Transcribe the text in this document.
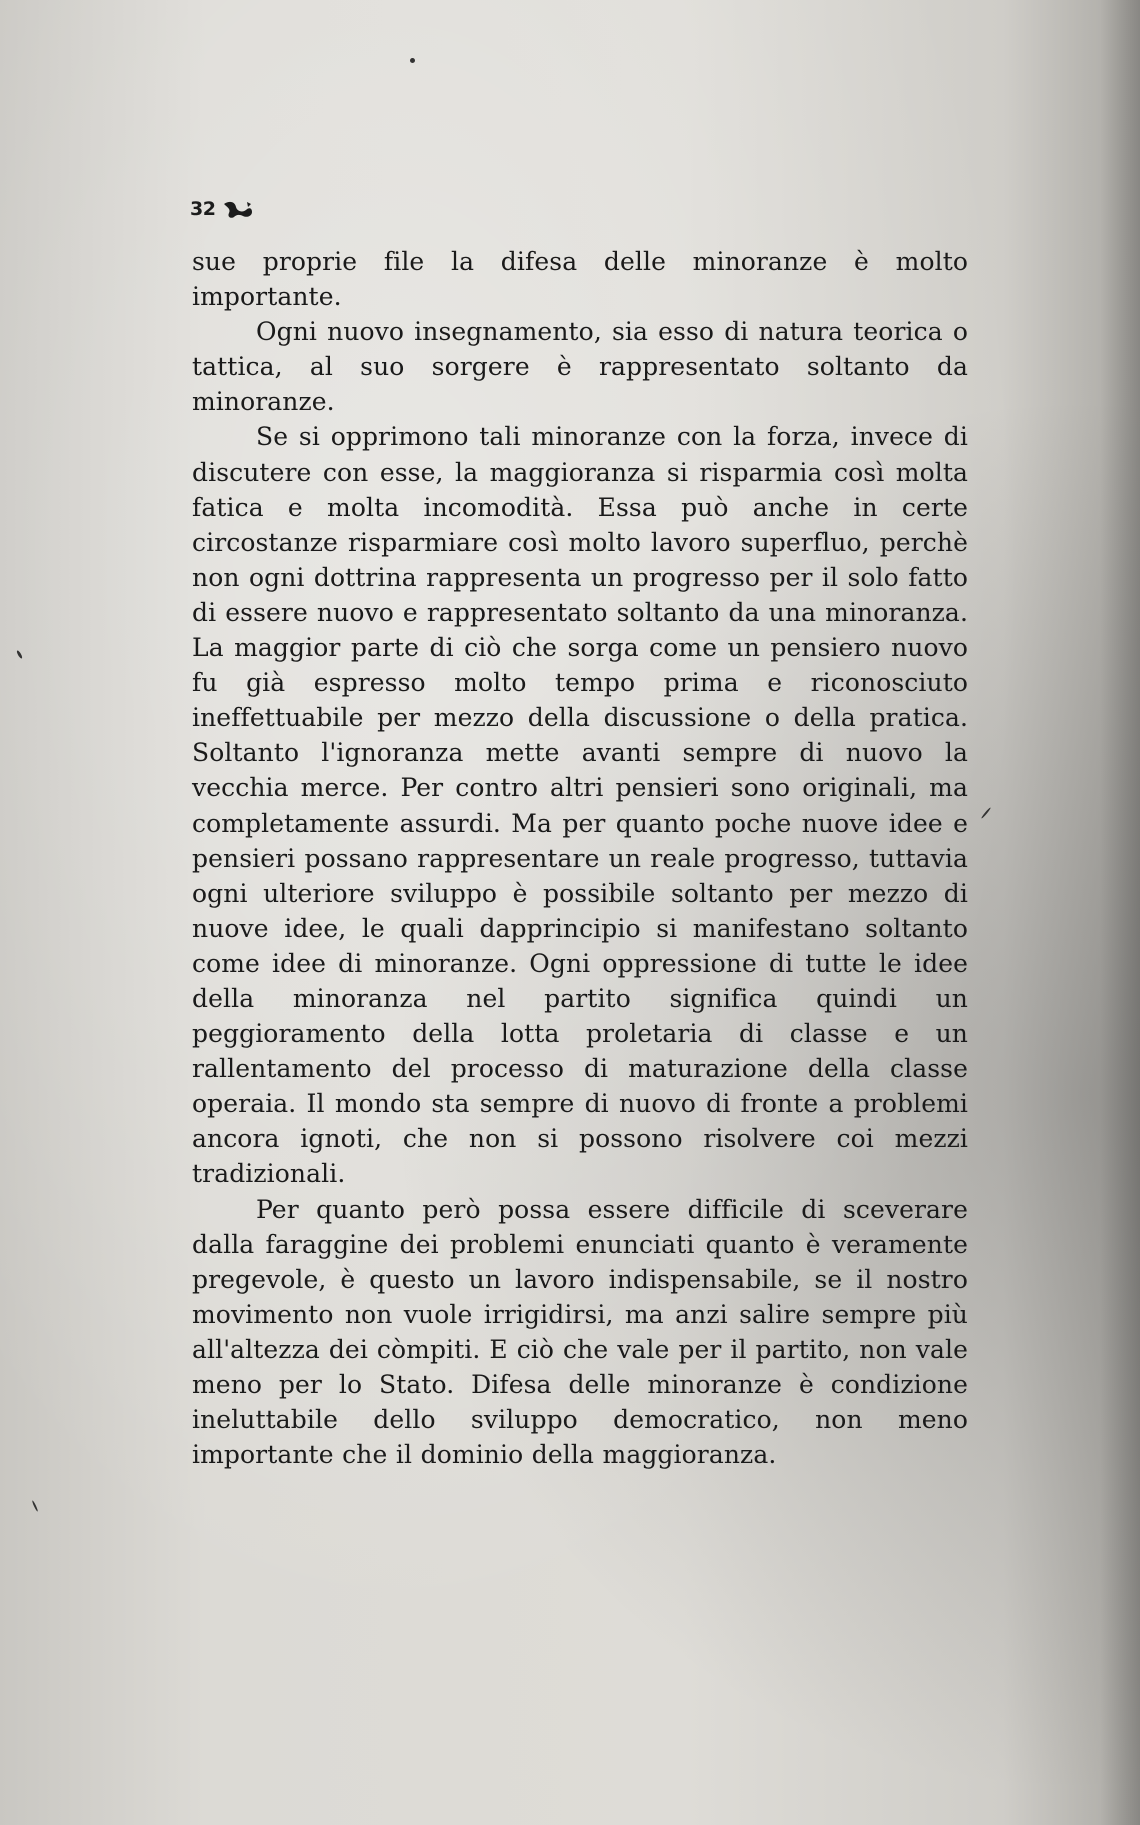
32

sue proprie file la difesa delle minoranze è molto importante.

Ogni nuovo insegnamento, sia esso di natura teorica o tattica, al suo sorgere è rappresentato soltanto da minoranze.

Se si opprimono tali minoranze con la forza, invece di discutere con esse, la maggioranza si risparmia così molta fatica e molta incomodità. Essa può anche in certe circostanze risparmiare così molto lavoro superfluo, perchè non ogni dottrina rappresenta un progresso per il solo fatto di essere nuovo e rappresentato soltanto da una minoranza. La maggior parte di ciò che sorga come un pensiero nuovo fu già espresso molto tempo prima e riconosciuto ineffettuabile per mezzo della discussione o della pratica. Soltanto l'ignoranza mette avanti sempre di nuovo la vecchia merce. Per contro altri pensieri sono originali, ma completamente assurdi. Ma per quanto poche nuove idee e pensieri possano rappresentare un reale progresso, tuttavia ogni ulteriore sviluppo è possibile soltanto per mezzo di nuove idee, le quali dapprincipio si manifestano soltanto come idee di minoranze. Ogni oppressione di tutte le idee della minoranza nel partito significa quindi un peggioramento della lotta proletaria di classe e un rallentamento del processo di maturazione della classe operaia. Il mondo sta sempre di nuovo di fronte a problemi ancora ignoti, che non si possono risolvere coi mezzi tradizionali.

Per quanto però possa essere difficile di sceverare dalla faraggine dei problemi enunciati quanto è veramente pregevole, è questo un lavoro indispensabile, se il nostro movimento non vuole irrigidirsi, ma anzi salire sempre più all'altezza dei còmpiti. E ciò che vale per il partito, non vale meno per lo Stato. Difesa delle minoranze è condizione ineluttabile dello sviluppo democratico, non meno importante che il dominio della maggioranza.
